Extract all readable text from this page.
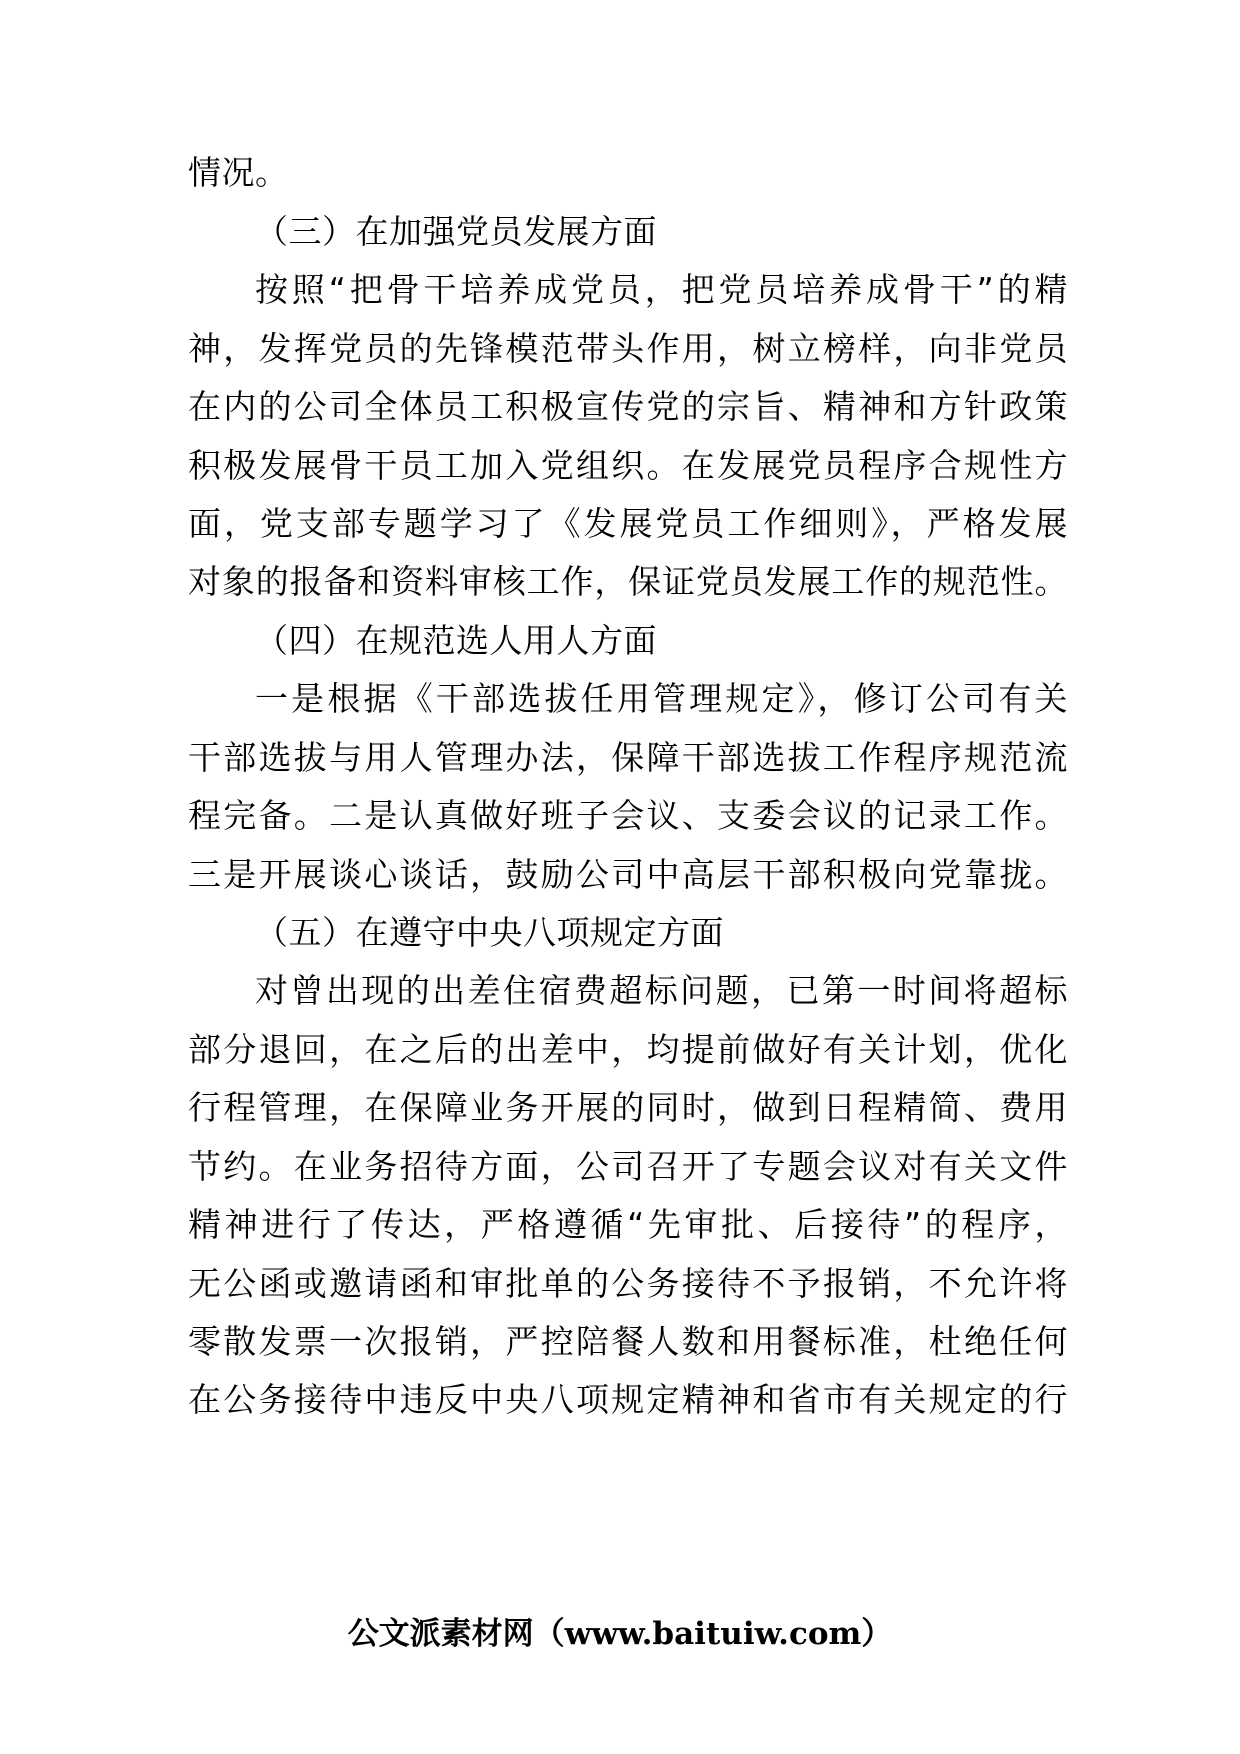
情况。
（三）在加强党员发展方面
按照“把骨干培养成党员，把党员培养成骨干”的精
神，发挥党员的先锋模范带头作用，树立榜样，向非党员
在内的公司全体员工积极宣传党的宗旨、精神和方针政策
积极发展骨干员工加入党组织。在发展党员程序合规性方
面，党支部专题学习了《发展党员工作细则》，严格发展
对象的报备和资料审核工作，保证党员发展工作的规范性。
（四）在规范选人用人方面
一是根据《干部选拔任用管理规定》，修订公司有关
干部选拔与用人管理办法，保障干部选拔工作程序规范流
程完备。二是认真做好班子会议、支委会议的记录工作。
三是开展谈心谈话，鼓励公司中高层干部积极向党靠拢。
（五）在遵守中央八项规定方面
对曾出现的出差住宿费超标问题，已第一时间将超标
部分退回，在之后的出差中，均提前做好有关计划，优化
行程管理，在保障业务开展的同时，做到日程精简、费用
节约。在业务招待方面，公司召开了专题会议对有关文件
精神进行了传达，严格遵循“先审批、后接待”的程序，
无公函或邀请函和审批单的公务接待不予报销，不允许将
零散发票一次报销，严控陪餐人数和用餐标准，杜绝任何
在公务接待中违反中央八项规定精神和省市有关规定的行
公文派素材网（www.baituiw.com）
